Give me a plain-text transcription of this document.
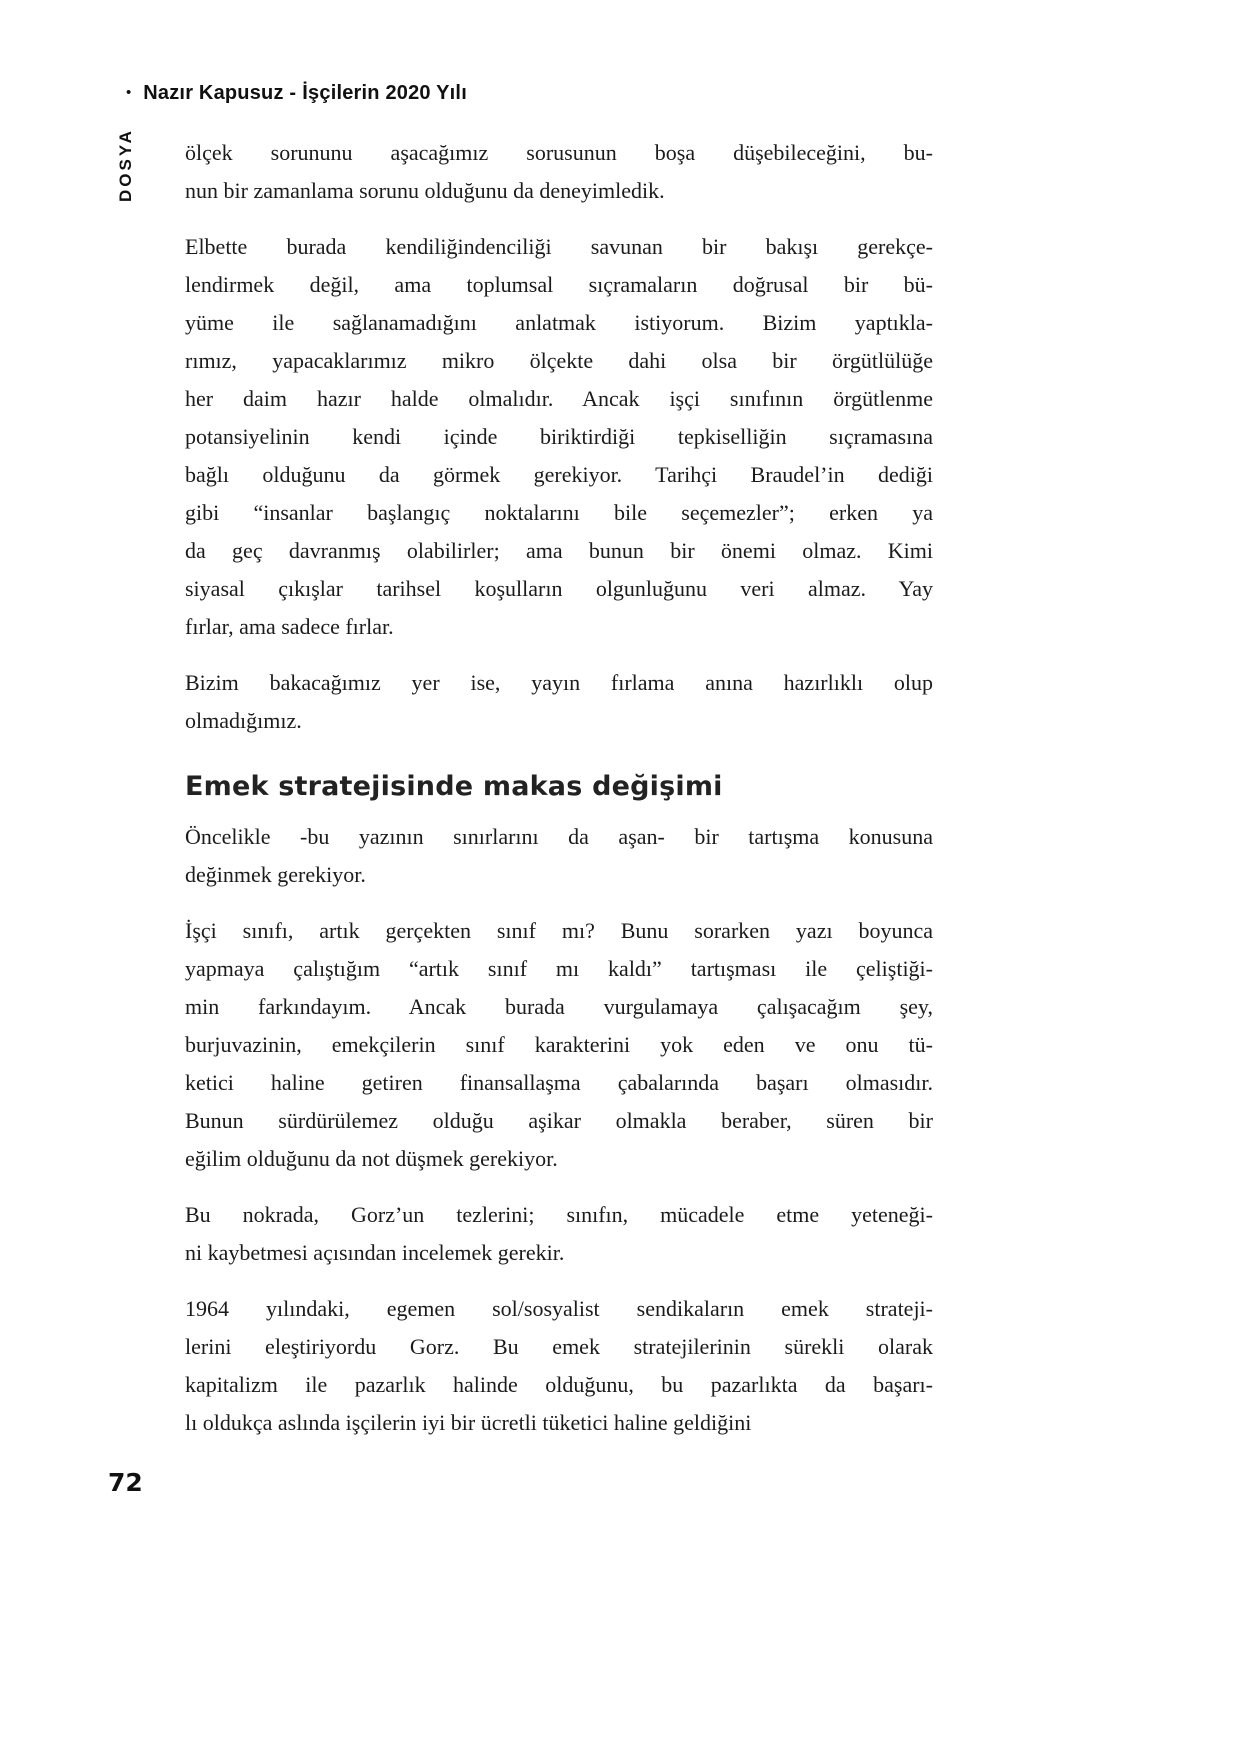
• Nazır Kapusuz - İşçilerin 2020 Yılı
DOSYA ölçek sorununu aşacağımız sorusunun boşa düşebileceğini, bu-
nun bir zamanlama sorunu olduğunu da deneyimledik.
Elbette burada kendiliğindenciliği savunan bir bakışı gerekçe-
lendirmek değil, ama toplumsal sıçramaların doğrusal bir bü-
yüme ile sağlanamadığını anlatmak istiyorum. Bizim yaptıkla-
rımız, yapacaklarımız mikro ölçekte dahi olsa bir örgütlülüğe
her daim hazır halde olmalıdır. Ancak işçi sınıfının örgütlenme
potansiyelinin kendi içinde biriktirdiği tepkiselliğin sıçramasına
bağlı olduğunu da görmek gerekiyor. Tarihçi Braudel’in dediği
gibi “insanlar başlangıç noktalarını bile seçemezler”; erken ya
da geç davranmış olabilirler; ama bunun bir önemi olmaz. Kimi
siyasal çıkışlar tarihsel koşulların olgunluğunu veri almaz. Yay
fırlar, ama sadece fırlar.
Bizim bakacağımız yer ise, yayın fırlama anına hazırlıklı olup
olmadığımız.
Emek stratejisinde makas değişimi
Öncelikle -bu yazının sınırlarını da aşan- bir tartışma konusuna
değinmek gerekiyor.
İşçi sınıfı, artık gerçekten sınıf mı? Bunu sorarken yazı boyunca
yapmaya çalıştığım “artık sınıf mı kaldı” tartışması ile çeliştiği-
min farkındayım. Ancak burada vurgulamaya çalışacağım şey,
burjuvazinin, emekçilerin sınıf karakterini yok eden ve onu tü-
ketici haline getiren finansallaşma çabalarında başarı olmasıdır.
Bunun sürdürülemez olduğu aşikar olmakla beraber, süren bir
eğilim olduğunu da not düşmek gerekiyor.
Bu nokrada, Gorz’un tezlerini; sınıfın, mücadele etme yeteneği-
ni kaybetmesi açısından incelemek gerekir.
1964 yılındaki, egemen sol/sosyalist sendikaların emek strateji-
lerini eleştiriyordu Gorz. Bu emek stratejilerinin sürekli olarak
kapitalizm ile pazarlık halinde olduğunu, bu pazarlıkta da başarı-
lı oldukça aslında işçilerin iyi bir ücretli tüketici haline geldiğini
72
